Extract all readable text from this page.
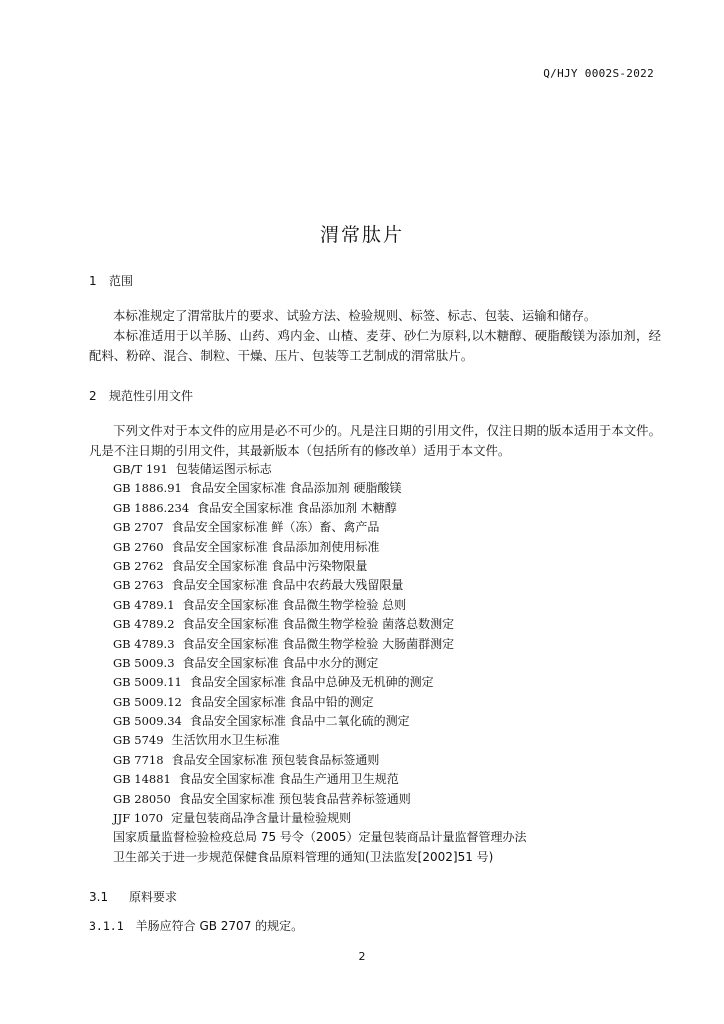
Q/HJY 0002S-2022
渭常肽片
1 范围
本标准规定了渭常肽片的要求、试验方法、检验规则、标签、标志、包装、运输和储存。
本标准适用于以羊肠、山药、鸡内金、山楂、麦芽、砂仁为原料,以木糖醇、硬脂酸镁为添加剂，经配料、粉碎、混合、制粒、干燥、压片、包装等工艺制成的渭常肽片。
2 规范性引用文件
下列文件对于本文件的应用是必不可少的。凡是注日期的引用文件，仅注日期的版本适用于本文件。凡是不注日期的引用文件，其最新版本（包括所有的修改单）适用于本文件。
GB/T 191 包装储运图示标志
GB 1886.91 食品安全国家标准 食品添加剂 硬脂酸镁
GB 1886.234 食品安全国家标准 食品添加剂 木糖醇
GB 2707 食品安全国家标准 鲜（冻）畜、禽产品
GB 2760 食品安全国家标准 食品添加剂使用标准
GB 2762 食品安全国家标准 食品中污染物限量
GB 2763 食品安全国家标准 食品中农药最大残留限量
GB 4789.1 食品安全国家标准 食品微生物学检验 总则
GB 4789.2 食品安全国家标准 食品微生物学检验 菌落总数测定
GB 4789.3 食品安全国家标准 食品微生物学检验 大肠菌群测定
GB 5009.3 食品安全国家标准 食品中水分的测定
GB 5009.11 食品安全国家标准 食品中总砷及无机砷的测定
GB 5009.12 食品安全国家标准 食品中铅的测定
GB 5009.34 食品安全国家标准 食品中二氧化硫的测定
GB 5749 生活饮用水卫生标准
GB 7718 食品安全国家标准 预包装食品标签通则
GB 14881 食品安全国家标准 食品生产通用卫生规范
GB 28050 食品安全国家标准 预包装食品营养标签通则
JJF 1070 定量包装商品净含量计量检验规则
国家质量监督检验检疫总局 75 号令（2005）定量包装商品计量监督管理办法
卫生部关于进一步规范保健食品原料管理的通知(卫法监发[2002]51 号)
3.1 原料要求
3.1.1 羊肠应符合 GB 2707 的规定。
2
